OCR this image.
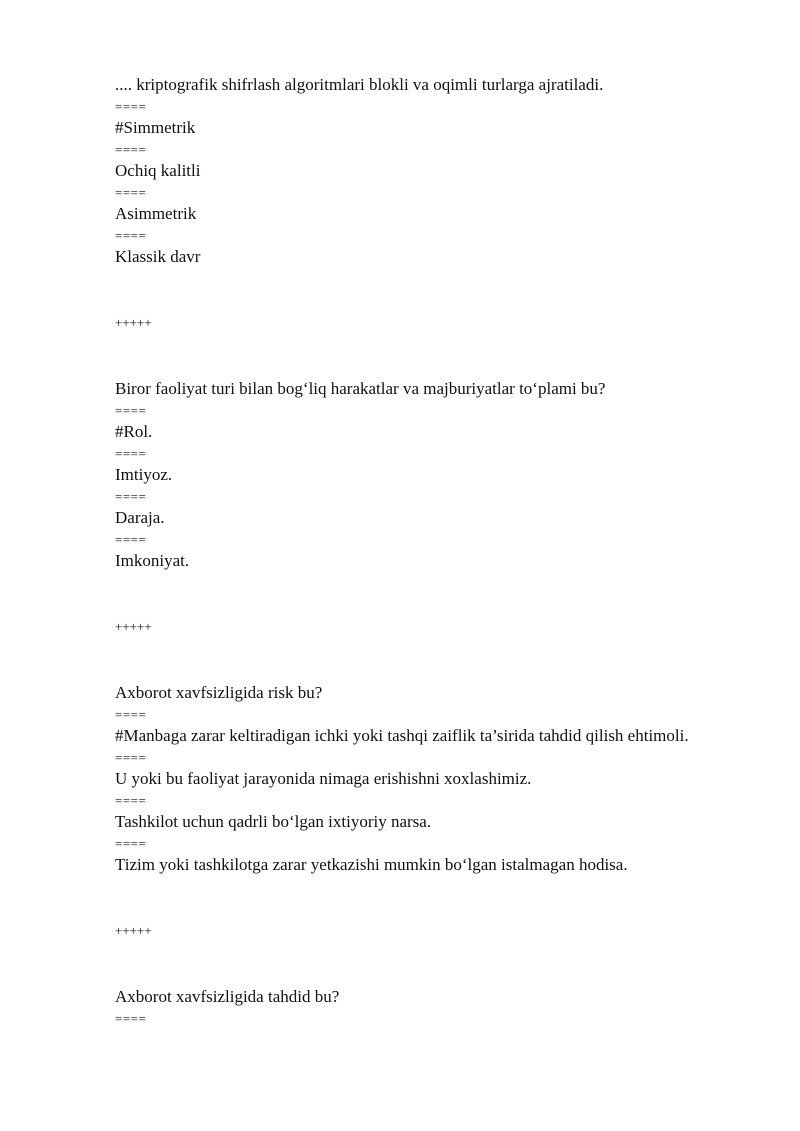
.... kriptografik shifrlash algoritmlari blokli va oqimli turlarga ajratiladi.

====

#Simmetrik

====

Ochiq kalitli

====

Asimmetrik

====

Klassik davr

+++++

Biror faoliyat turi bilan bog‘liq harakatlar va majburiyatlar to‘plami bu?

====

#Rol.

====

Imtiyoz.

====

Daraja.

====

Imkoniyat.

+++++

Axborot xavfsizligida risk bu?

====

#Manbaga zarar keltiradigan ichki yoki tashqi zaiflik ta’sirida tahdid qilish ehtimoli.

====

U yoki bu faoliyat jarayonida nimaga erishishni xoxlashimiz.

====

Tashkilot uchun qadrli bo‘lgan ixtiyoriy narsa.

====

Tizim yoki tashkilotga zarar yetkazishi mumkin bo‘lgan istalmagan hodisa.

+++++

Axborot xavfsizligida tahdid bu?

====
